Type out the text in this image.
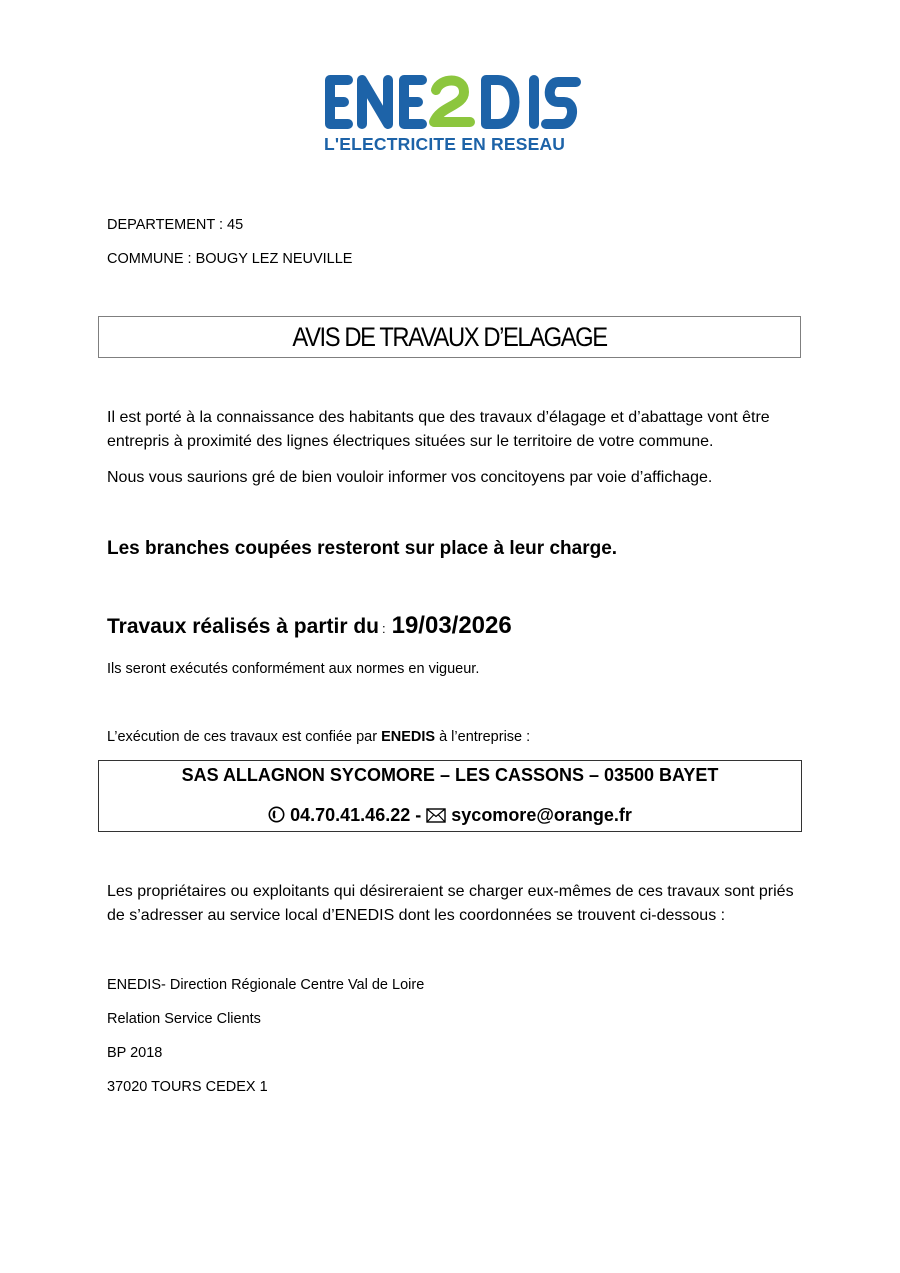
L'ELECTRICITE EN RESEAU
DEPARTEMENT : 45
COMMUNE : BOUGY LEZ NEUVILLE
AVIS DE TRAVAUX D’ELAGAGE
Il est porté à la connaissance des habitants que des travaux d’élagage et d’abattage vont être entrepris à proximité des lignes électriques situées sur le territoire de votre commune.
Nous vous saurions gré de bien vouloir informer vos concitoyens par voie d’affichage.
Les branches coupées resteront sur place à leur charge.
Travaux réalisés à partir du : 19/03/2026
Ils seront exécutés conformément aux normes en vigueur.
L’exécution de ces travaux est confiée par ENEDIS à l’entreprise :
SAS ALLAGNON SYCOMORE – LES CASSONS – 03500 BAYET
04.70.41.46.22 - sycomore@orange.fr
Les propriétaires ou exploitants qui désireraient se charger eux-mêmes de ces travaux sont priés de s’adresser au service local d’ENEDIS dont les coordonnées se trouvent ci-dessous :
ENEDIS- Direction Régionale Centre Val de Loire
Relation Service Clients
BP 2018
37020 TOURS CEDEX 1
